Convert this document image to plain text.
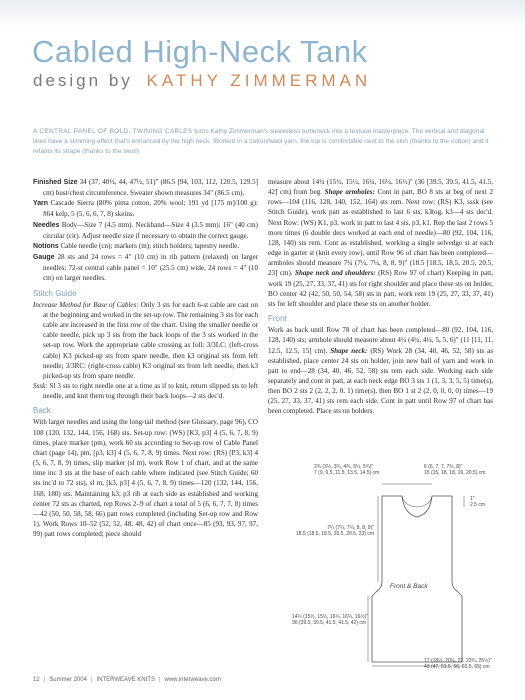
Cabled High-Neck Tank
design by KATHY ZIMMERMAN
A CENTRAL PANEL OF BOLD, TWINING CABLES turns Kathy Zimmerman's sleeveless turtleneck into a textural masterpiece. The vertical and diagonal lines have a slimming effect that's enhanced by the high neck. Worked in a cotton/wool yarn, the top is comfortable next to the skin (thanks to the cotton) and it retains its shape (thanks to the wool).

Finished Size 34 (37, 40½, 44, 47½, 51)" (86.5 [94, 103, 112, 120.5, 129.5] cm) bust/chest circumference. Sweater shown measures 34" (86.5 cm).

Yarn Cascade Sierra (80% pima cotton, 20% wool; 191 yd [175 m]/100 g): #64 kelp, 5 (5, 6, 6, 7, 8) skeins.

Needles Body—Size 7 (4.5 mm). Neckband—Size 4 (3.5 mm): 16" (40 cm) circular (cir). Adjust needle size if necessary to obtain the correct gauge.

Notions Cable needle (cn); markers (m); stitch holders; tapestry needle.

Gauge 28 sts and 24 rows = 4" (10 cm) in rib pattern (relaxed) on larger needles; 72-st central cable panel = 10" (25.5 cm) wide, 24 rows = 4" (10 cm) on larger needles.

Stitch Guide

Increase Method for Base of Cables: Only 3 sts for each 6-st cable are cast on at the beginning and worked in the set-up row. The remaining 3 sts for each cable are increased in the first row of the chart. Using the smaller needle or cable needle, pick up 3 sts from the back loops of the 3 sts worked in the set-up row. Work the appropriate cable crossing as foll: 3/3LC: (left-cross cable) K3 picked-up sts from spare needle, then k3 original sts from left needle; 3/3RC: (right-cross cable) K3 original sts from left needle, then k3 picked-up sts from spare needle.

Sssk: Sl 3 sts to right needle one at a time as if to knit, return slipped sts to left needle, and knit them tog through their back loops—2 sts dec'd.

Back

With larger needles and using the long-tail method (see Glossary, page 96), CO 108 (120, 132, 144, 156, 168) sts. Set-up row: (WS) [K3, p3] 4 (5, 6, 7, 8, 9) times, place marker (pm), work 60 sts according to Set-up row of Cable Panel chart (page 14), pm, [p3, k3] 4 (5, 6, 7, 8, 9) times. Next row: (RS) [P3, k3] 4 (5, 6, 7, 8, 9) times, slip marker (sl m), work Row 1 of chart, and at the same time inc 3 sts at the base of each cable where indicated (see Stitch Guide; 60 sts inc'd to 72 sts), sl m, [k3, p3] 4 (5, 6, 7, 8, 9) times—120 (132, 144, 156, 168, 180) sts. Maintaining k3, p3 rib at each side as established and working center 72 sts as charted, rep Rows 2–9 of chart a total of 5 (6, 6, 7, 7, 8) times—42 (50, 50, 58, 58, 66) patt rows completed (including Set-up row and Row 1). Work Rows 10–52 (52, 52, 48, 48, 42) of chart once—85 (93, 93, 97, 97, 99) patt rows completed; piece should

measure about 14¼ (15½, 15½, 16¼, 16¼, 16½)" (36 [39.5, 39.5, 41.5, 41.5, 42] cm) from beg. Shape armholes: Cont in patt, BO 8 sts at beg of next 2 rows—104 (116, 128, 140, 152, 164) sts rem. Next row: (RS) K3, sssk (see Stitch Guide), work patt as established to last 6 sts, k3tog, k3—4 sts dec'd. Next Row: (WS) K1, p3, work in patt to last 4 sts, p3, k1. Rep the last 2 rows 5 more times (6 double decs worked at each end of needle)—80 (92, 104, 116, 128, 140) sts rem. Cont as established, working a single selvedge st at each edge in garter st (knit every row), until Row 96 of chart has been completed—armholes should measure 7¼ (7¼, 7¼, 8, 8, 9)" (18.5 [18.5, 18.5, 20.5, 20.5, 23] cm). Shape neck and shoulders: (RS) Row 97 of chart) Keeping in patt, work 19 (25, 27, 33, 37, 41) sts for right shoulder and place these sts on holder, BO center 42 (42, 50, 50, 54, 58) sts in patt, work rem 19 (25, 27, 33, 37, 41) sts for left shoulder and place these sts on another holder.

Front

Work as back until Row 78 of chart has been completed—80 (92, 104, 116, 128, 140) sts; armhole should measure about 4¼ (4¼, 4¼, 5, 5, 6)" (11 [11, 11, 12.5, 12.5, 15] cm). Shape neck: (RS) Work 28 (34, 40, 46, 52, 58) sts as established, place center 24 sts on holder, join new ball of yarn and work in patt to end—28 (34, 40, 46, 52, 58) sts rem each side. Working each side separately and cont in patt, at each neck edge BO 3 sts 1 (1, 3, 3, 5, 5) time(s), then BO 2 sts 2 (2, 2, 2, 0, 1) time(s), then BO 1 st 2 (2, 0, 0, 0, 0) times—19 (25, 27, 33, 37, 41) sts rem each side. Cont in patt until Row 97 of chart has been completed. Place sts on holders.

2¾ (3½, 3¾, 4¾, 5¼, 5¾)"
7 (9, 9.5, 11.5, 13.5, 14.5) cm
6 (6, 7, 7, 7¾, 8)"
15 (15, 18, 18, 19, 20.5) cm
1"
2.5 cm
7¼ (7¼, 7¼, 8, 8, 9)"
18.5 (18.5, 18.5, 20.5, 20.5, 23) cm
Front & Back
14¼ (15½, 15½, 16¼, 16¼, 16½)"
36 (39.5, 39.5, 41.5, 41.5, 42) cm
17 (18½, 20¼, 22, 23¾, 25½)"
43 (47, 51.5, 56, 60.5, 65) cm
12 | Summer 2004 | INTERWEAVE KNITS | www.interweave.com
